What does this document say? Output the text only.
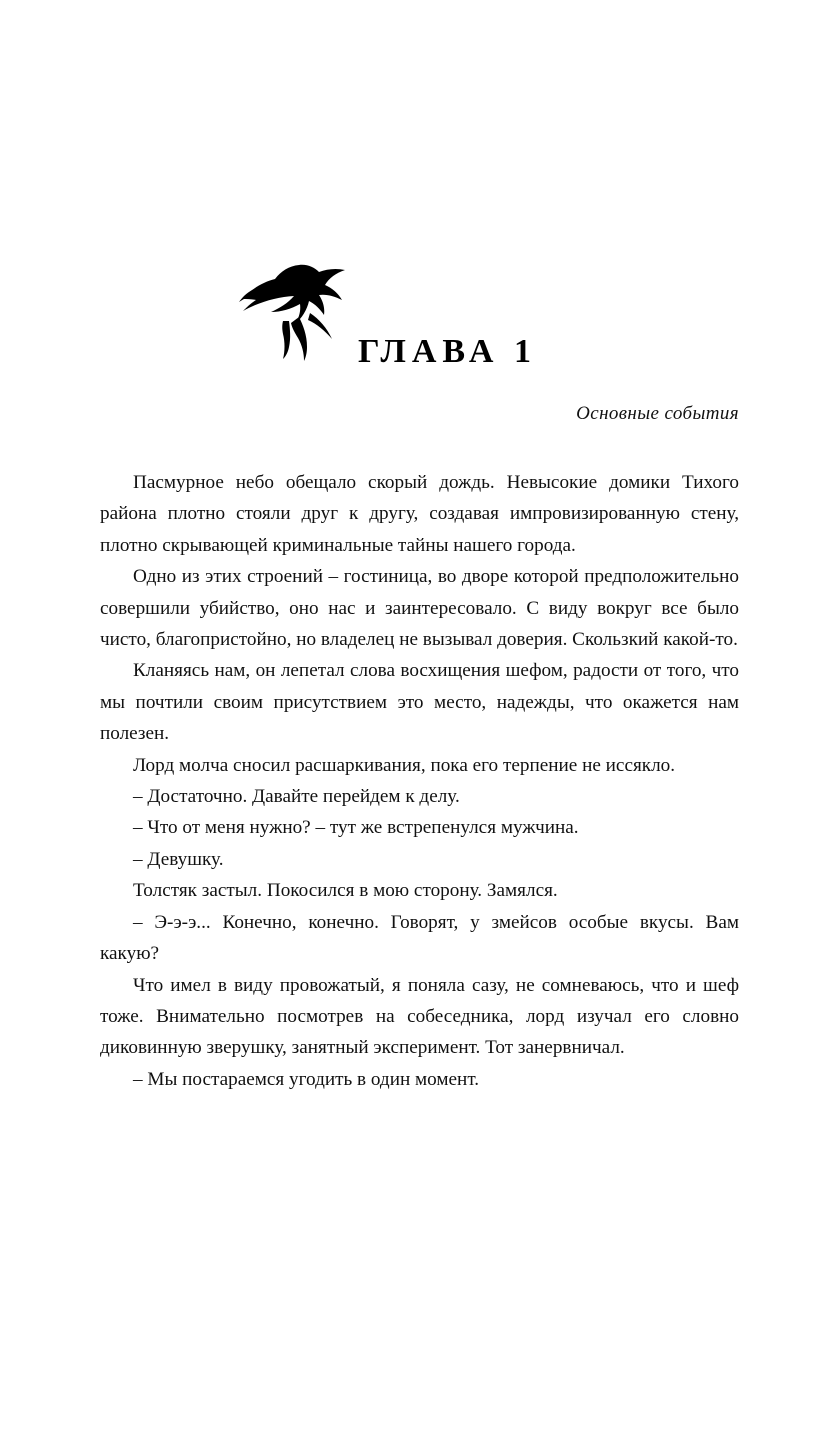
ГЛАВА 1
Основные события

Пасмурное небо обещало скорый дождь. Невысокие домики Тихого района плотно стояли друг к другу, создавая импровизированную стену, плотно скрывающей криминальные тайны нашего города.

Одно из этих строений – гостиница, во дворе которой предположительно совершили убийство, оно нас и заинтересовало. С виду вокруг все было чисто, благопристойно, но владелец не вызывал доверия. Скользкий какой-то.

Кланяясь нам, он лепетал слова восхищения шефом, радости от того, что мы почтили своим присутствием это место, надежды, что окажется нам полезен.

Лорд молча сносил расшаркивания, пока его терпение не иссякло.

– Достаточно. Давайте перейдем к делу.

– Что от меня нужно? – тут же встрепенулся мужчина.

– Девушку.

Толстяк застыл. Покосился в мою сторону. Замялся.

– Э-э-э... Конечно, конечно. Говорят, у змейсов особые вкусы. Вам какую?

Что имел в виду провожатый, я поняла сазу, не сомневаюсь, что и шеф тоже. Внимательно посмотрев на собеседника, лорд изучал его словно диковинную зверушку, занятный эксперимент. Тот занервничал.

– Мы постараемся угодить в один момент.
